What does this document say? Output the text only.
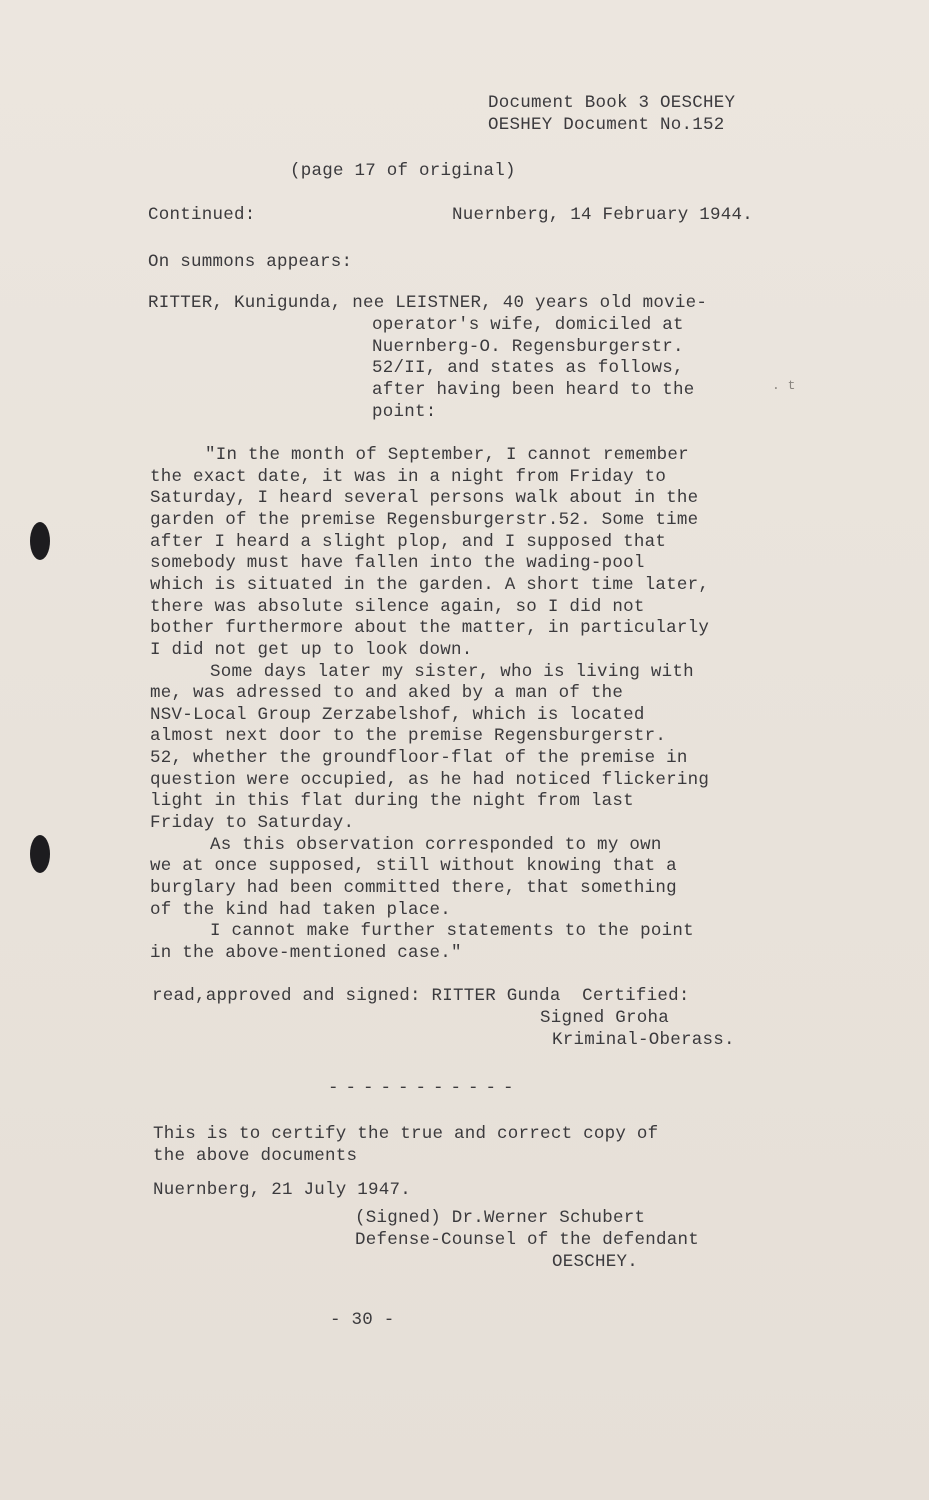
. t
Document Book 3 OESCHEY
OESHEY Document No.152
(page 17 of original)
Continued:	Nuernberg, 14 February 1944.
On summons appears:
RITTER, Kunigunda, nee LEISTNER, 40 years old movie-
operator's wife, domiciled at
Nuernberg-O. Regensburgerstr.
52/II, and states as follows,
after having been heard to the
point:
"In the month of September, I cannot remember
the exact date, it was in a night from Friday to
Saturday, I heard several persons walk about in the
garden of the premise Regensburgerstr.52. Some time
after I heard a slight plop, and I supposed that
somebody must have fallen into the wading-pool
which is situated in the garden. A short time later,
there was absolute silence again, so I did not
bother furthermore about the matter, in particularly
I did not get up to look down.
Some days later my sister, who is living with
me, was adressed to and aked by a man of the
NSV-Local Group Zerzabelshof, which is located
almost next door to the premise Regensburgerstr.
52, whether the groundfloor-flat of the premise in
question were occupied, as he had noticed flickering
light in this flat during the night from last
Friday to Saturday.
As this observation corresponded to my own
we at once supposed, still without knowing that a
burglary had been committed there, that something
of the kind had taken place.
I cannot make further statements to the point
in the above-mentioned case."
read,approved and signed: RITTER Gunda  Certified:
Signed Groha
Kriminal-Oberass.
-----------
This is to certify the true and correct copy of
the above documents
Nuernberg, 21 July 1947.
(Signed) Dr.Werner Schubert
Defense-Counsel of the defendant
OESCHEY.
- 30 -
